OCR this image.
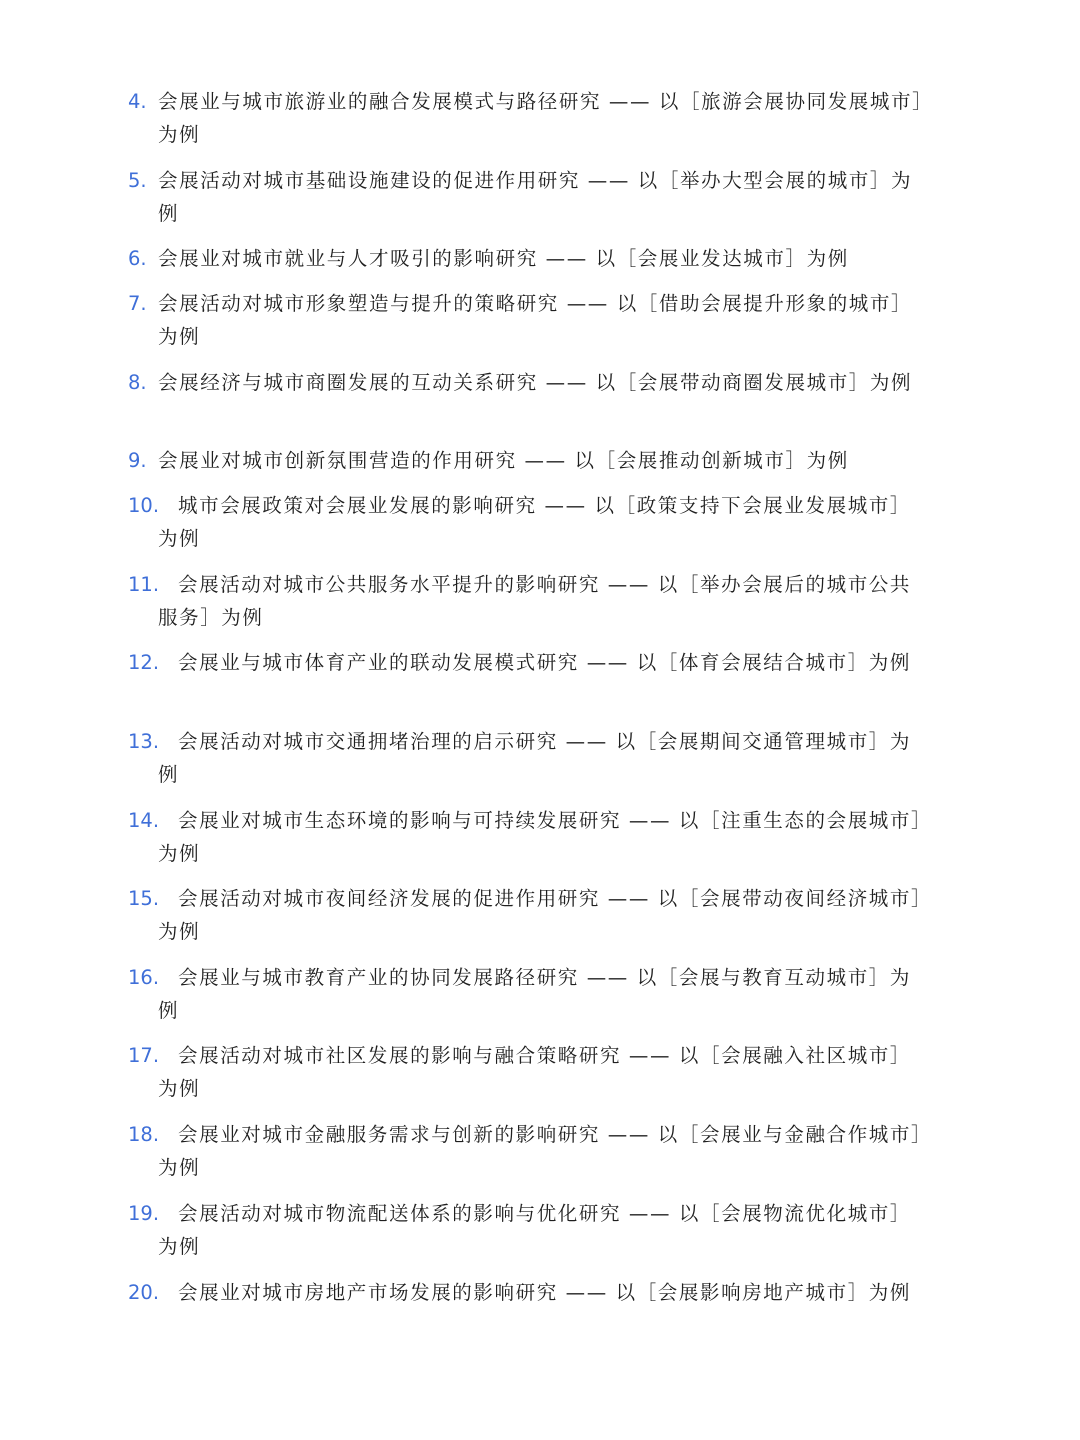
4. 会展业与城市旅游业的融合发展模式与路径研究 —— 以［旅游会展协同发展城市］
为例
5. 会展活动对城市基础设施建设的促进作用研究 —— 以［举办大型会展的城市］为
例
6. 会展业对城市就业与人才吸引的影响研究 —— 以［会展业发达城市］为例
7. 会展活动对城市形象塑造与提升的策略研究 —— 以［借助会展提升形象的城市］
为例
8. 会展经济与城市商圈发展的互动关系研究 —— 以［会展带动商圈发展城市］为例
9. 会展业对城市创新氛围营造的作用研究 —— 以［会展推动创新城市］为例
10. 城市会展政策对会展业发展的影响研究 —— 以［政策支持下会展业发展城市］
为例
11. 会展活动对城市公共服务水平提升的影响研究 —— 以［举办会展后的城市公共
服务］为例
12. 会展业与城市体育产业的联动发展模式研究 —— 以［体育会展结合城市］为例
13. 会展活动对城市交通拥堵治理的启示研究 —— 以［会展期间交通管理城市］为
例
14. 会展业对城市生态环境的影响与可持续发展研究 —— 以［注重生态的会展城市］
为例
15. 会展活动对城市夜间经济发展的促进作用研究 —— 以［会展带动夜间经济城市］
为例
16. 会展业与城市教育产业的协同发展路径研究 —— 以［会展与教育互动城市］为
例
17. 会展活动对城市社区发展的影响与融合策略研究 —— 以［会展融入社区城市］
为例
18. 会展业对城市金融服务需求与创新的影响研究 —— 以［会展业与金融合作城市］
为例
19. 会展活动对城市物流配送体系的影响与优化研究 —— 以［会展物流优化城市］
为例
20. 会展业对城市房地产市场发展的影响研究 —— 以［会展影响房地产城市］为例
